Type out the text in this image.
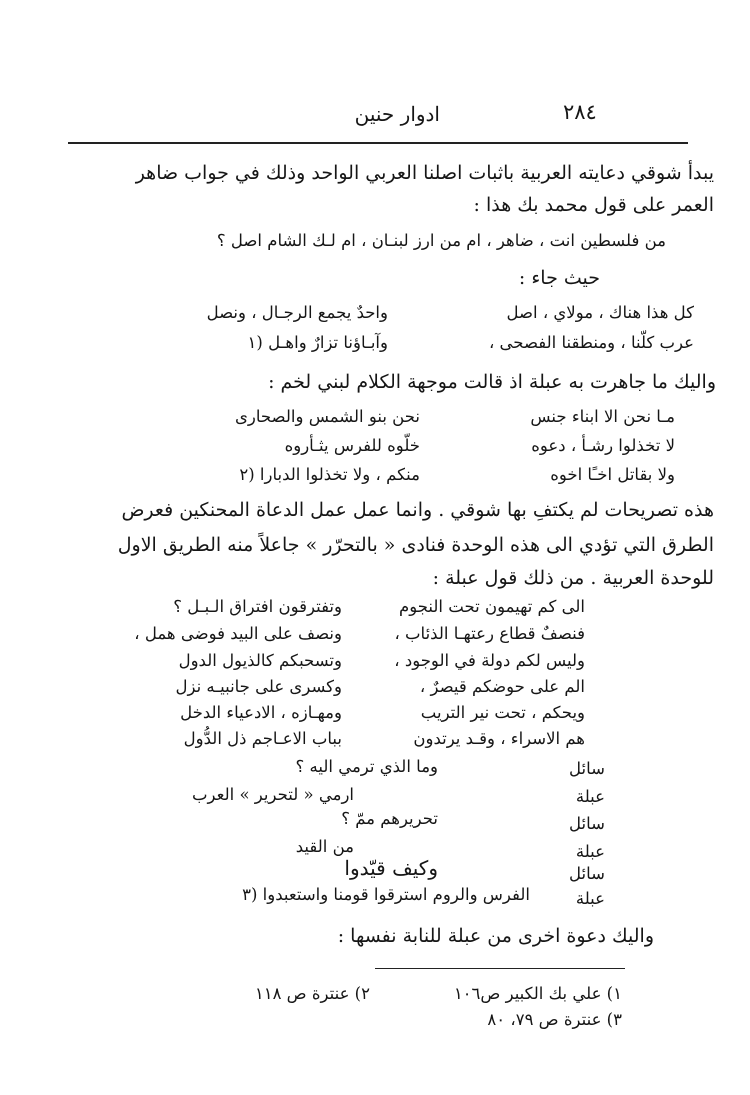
٢٨٤
ادوار حنين
يبدأ شوقي دعايته العربية باثبات اصلنا العربي الواحد وذلك في جواب ضاهر
العمر على قول محمد بك هذا :
من فلسطين انت ، ضاهر ، ام من ارز لبنـان ، ام لـك الشام اصل ؟
حيث جاء :
كل هذا هناك ، مولاي ، اصل
واحدٌ يجمع الرجـال ، ونصل
عرب كلّنا ، ومنطقنا الفصحى ،
وآبـاؤنا تزارٌ واهـل (١
واليك ما جاهرت به عبلة اذ قالت موجهة الكلام لبني لخم :
مـا نحن الا ابناء جنس
نحن بنو الشمس والصحارى
لا تخذلوا رشـأ ، دعوه
خلّوه للفرس يثـأروه
ولا بقاتل اخـًا اخوه
منكم ، ولا تخذلوا الدبارا (٢
هذه تصريحات لم يكتفِ بها شوقي . وانما عمل عمل الدعاة المحنكين فعرض
الطرق التي تؤدي الى هذه الوحدة فنادى « بالتحرّر » جاعلاً منه الطريق الاول
للوحدة العربية . من ذلك قول عبلة :
الى كم تهيمون تحت النجوم
وتفترقون افتراق الـبـل ؟
فنصفٌ قطاع رعتهـا الذئاب ،
ونصف على البيد فوضى همل ،
وليس لكم دولة في الوجود ،
وتسحبكم كالذيول الدول
الم على حوضكم قيصرٌ ،
وكسرى على جانبيـه نزل
ويحكم ، تحت نير التريب
ومهـازه ، الادعياء الدخل
هم الاسراء ، وقـد يرتدون
بباب الاعـاجم ذل الدُّول
سائل
وما الذي ترمي اليه ؟
عبلة
ارمي « لتحرير » العرب
سائل
تحريرهم ممّ ؟
عبلة
من القيد
سائل
وكيف قيّدوا
عبلة
الفرس والروم استرقوا قومنا واستعبدوا (٣
واليك دعوة اخرى من عبلة للنابة نفسها :
١) علي بك الكبير ص١٠٦
٢) عنترة ص ١١٨
٣) عنترة ص ٧٩، ٨٠
